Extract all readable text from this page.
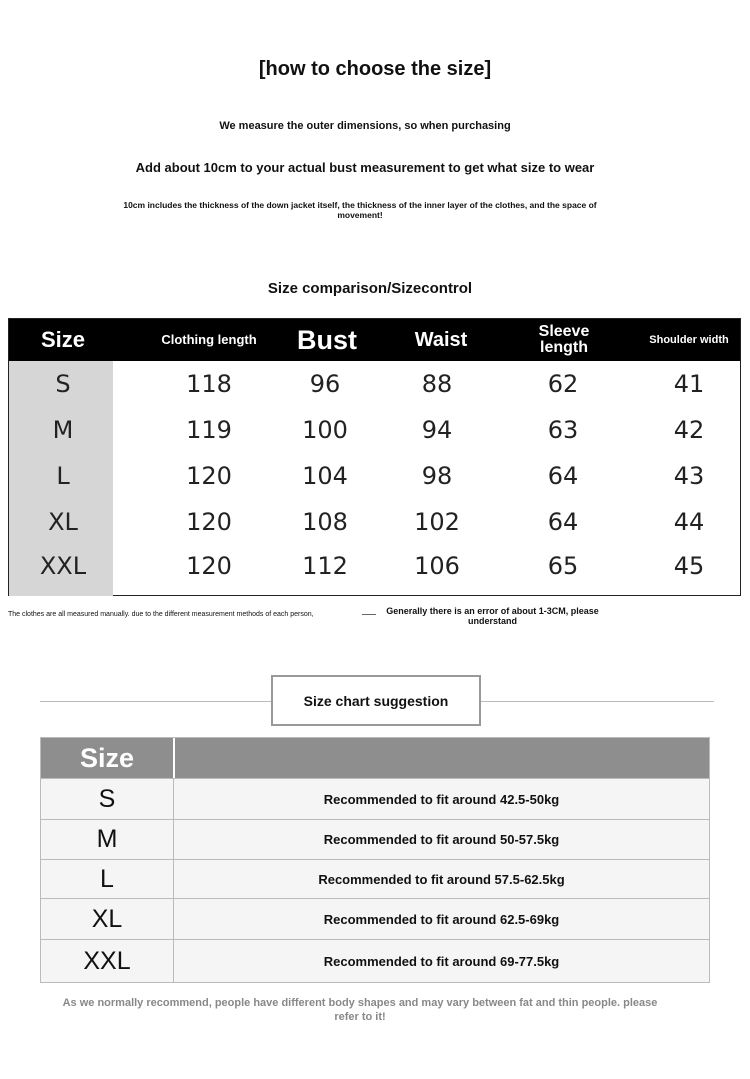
[how to choose the size]
We measure the outer dimensions, so when purchasing
Add about 10cm to your actual bust measurement to get what size to wear
10cm includes the thickness of the down jacket itself, the thickness of the inner layer of the clothes, and the space of movement!
Size comparison/Sizecontrol
Size	Clothing length	Bust	Waist	Sleeve length	Shoulder width
S	118	96	88	62	41
M	119	100	94	63	42
L	120	104	98	64	43
XL	120	108	102	64	44
XXL	120	112	106	65	45
The clothes are all measured manually. due to the different measurement methods of each person,	Generally there is an error of about 1-3CM, please understand
Size chart suggestion
Size
S	Recommended to fit around 42.5-50kg
M	Recommended to fit around 50-57.5kg
L	Recommended to fit around 57.5-62.5kg
XL	Recommended to fit around 62.5-69kg
XXL	Recommended to fit around 69-77.5kg
As we normally recommend, people have different body shapes and may vary between fat and thin people. please refer to it!
